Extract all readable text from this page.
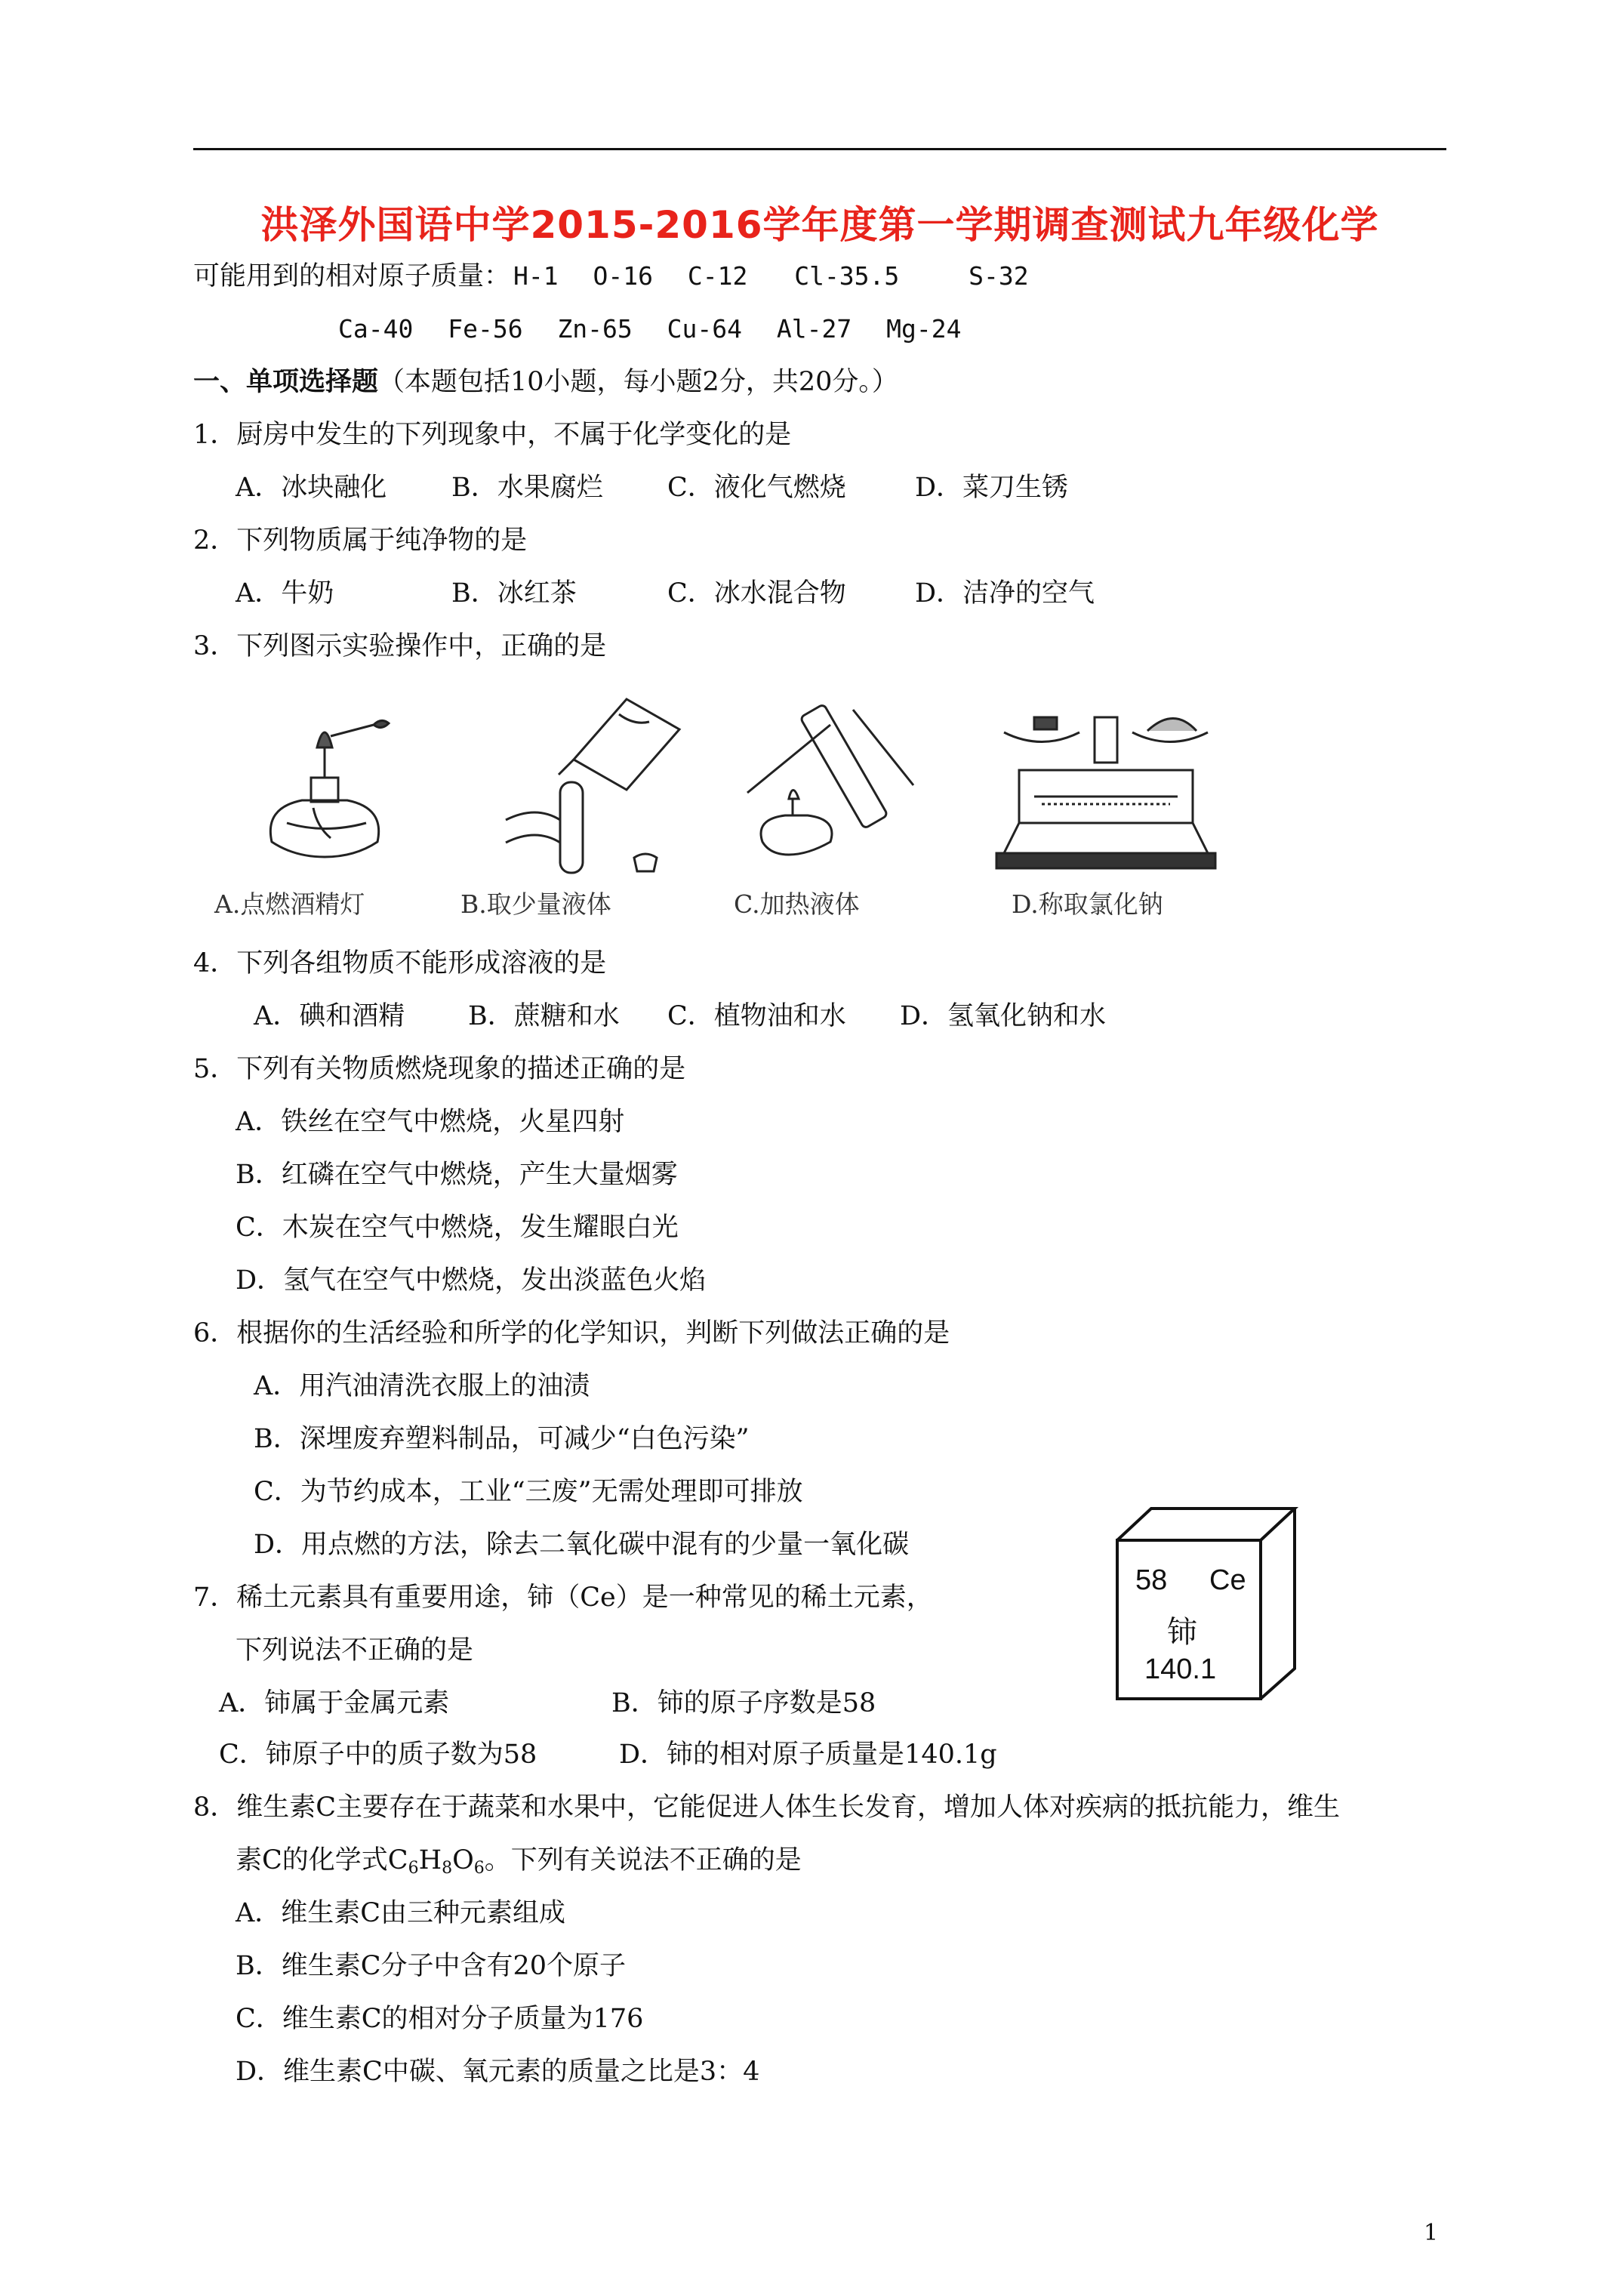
洪泽外国语中学2015-2016学年度第一学期调查测试九年级化学
可能用到的相对原子质量： H-1 O-16 C-12 Cl-35.5	S-32
Ca-40 Fe-56 Zn-65 Cu-64 Al-27 Mg-24
一、单项选择题（本题包括10小题，每小题2分，共20分。）
1．厨房中发生的下列现象中，不属于化学变化的是
A．冰块融化 B．水果腐烂 C．液化气燃烧	D．菜刀生锈
2．下列物质属于纯净物的是
A．牛奶	B．冰红茶	C．冰水混合物	D．洁净的空气
3．下列图示实验操作中，正确的是
A.点燃酒精灯	B.取少量液体	C.加热液体	D.称取氯化钠
4．下列各组物质不能形成溶液的是
A．碘和酒精 B．蔗糖和水 C．植物油和水 D．氢氧化钠和水
5．下列有关物质燃烧现象的描述正确的是
A．铁丝在空气中燃烧，火星四射
B．红磷在空气中燃烧，产生大量烟雾
C．木炭在空气中燃烧，发生耀眼白光
D．氢气在空气中燃烧，发出淡蓝色火焰
6．根据你的生活经验和所学的化学知识，判断下列做法正确的是
A．用汽油清洗衣服上的油渍
B．深埋废弃塑料制品，可减少“白色污染”
C．为节约成本，工业“三废”无需处理即可排放
D．用点燃的方法，除去二氧化碳中混有的少量一氧化碳
7．稀土元素具有重要用途，铈（Ce）是一种常见的稀土元素，
下列说法不正确的是
A．铈属于金属元素	B．铈的原子序数是58
C．铈原子中的质子数为58	D．铈的相对原子质量是140.1g
58 Ce
铈
140.1
8．维生素C主要存在于蔬菜和水果中，它能促进人体生长发育，增加人体对疾病的抵抗能力，维生
素C的化学式$C_6H_8O_6$。下列有关说法不正确的是
A．维生素C由三种元素组成
B．维生素C分子中含有20个原子
C．维生素C的相对分子质量为176
D．维生素C中碳、氧元素的质量之比是3：4
1
